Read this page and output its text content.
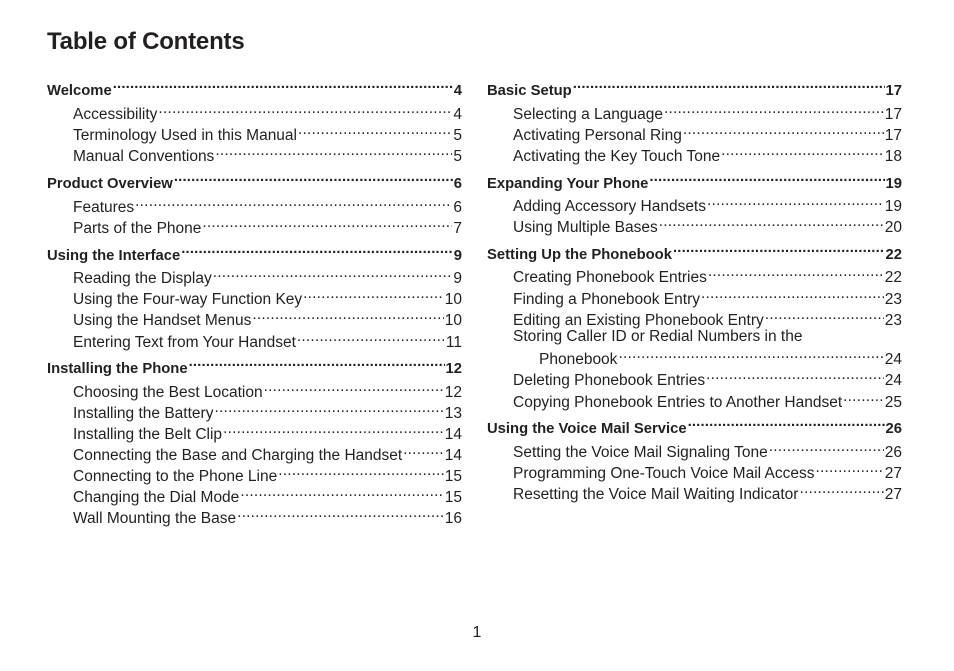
Table of Contents
Welcome .....	4
Accessibility .....	4
Terminology Used in this Manual .....	5
Manual Conventions .....	5
Product Overview .....	6
Features .....	6
Parts of the Phone .....	7
Using the Interface .....	9
Reading the Display .....	9
Using the Four-way Function Key .....	10
Using the Handset Menus .....	10
Entering Text from Your Handset .....	11
Installing the Phone .....	12
Choosing the Best Location .....	12
Installing the Battery .....	13
Installing the Belt Clip .....	14
Connecting the Base and Charging the Handset .....	14
Connecting to the Phone Line .....	15
Changing the Dial Mode .....	15
Wall Mounting the Base .....	16
Basic Setup .....	17
Selecting a Language .....	17
Activating Personal Ring .....	17
Activating the Key Touch Tone .....	18
Expanding Your Phone .....	19
Adding Accessory Handsets .....	19
Using Multiple Bases .....	20
Setting Up the Phonebook .....	22
Creating Phonebook Entries .....	22
Finding a Phonebook Entry .....	23
Editing an Existing Phonebook Entry .....	23
Storing Caller ID or Redial Numbers in the
Phonebook .....	24
Deleting Phonebook Entries .....	24
Copying Phonebook Entries to Another Handset .....	25
Using the Voice Mail Service .....	26
Setting the Voice Mail Signaling Tone .....	26
Programming One-Touch Voice Mail Access .....	27
Resetting the Voice Mail Waiting Indicator .....	27
1
